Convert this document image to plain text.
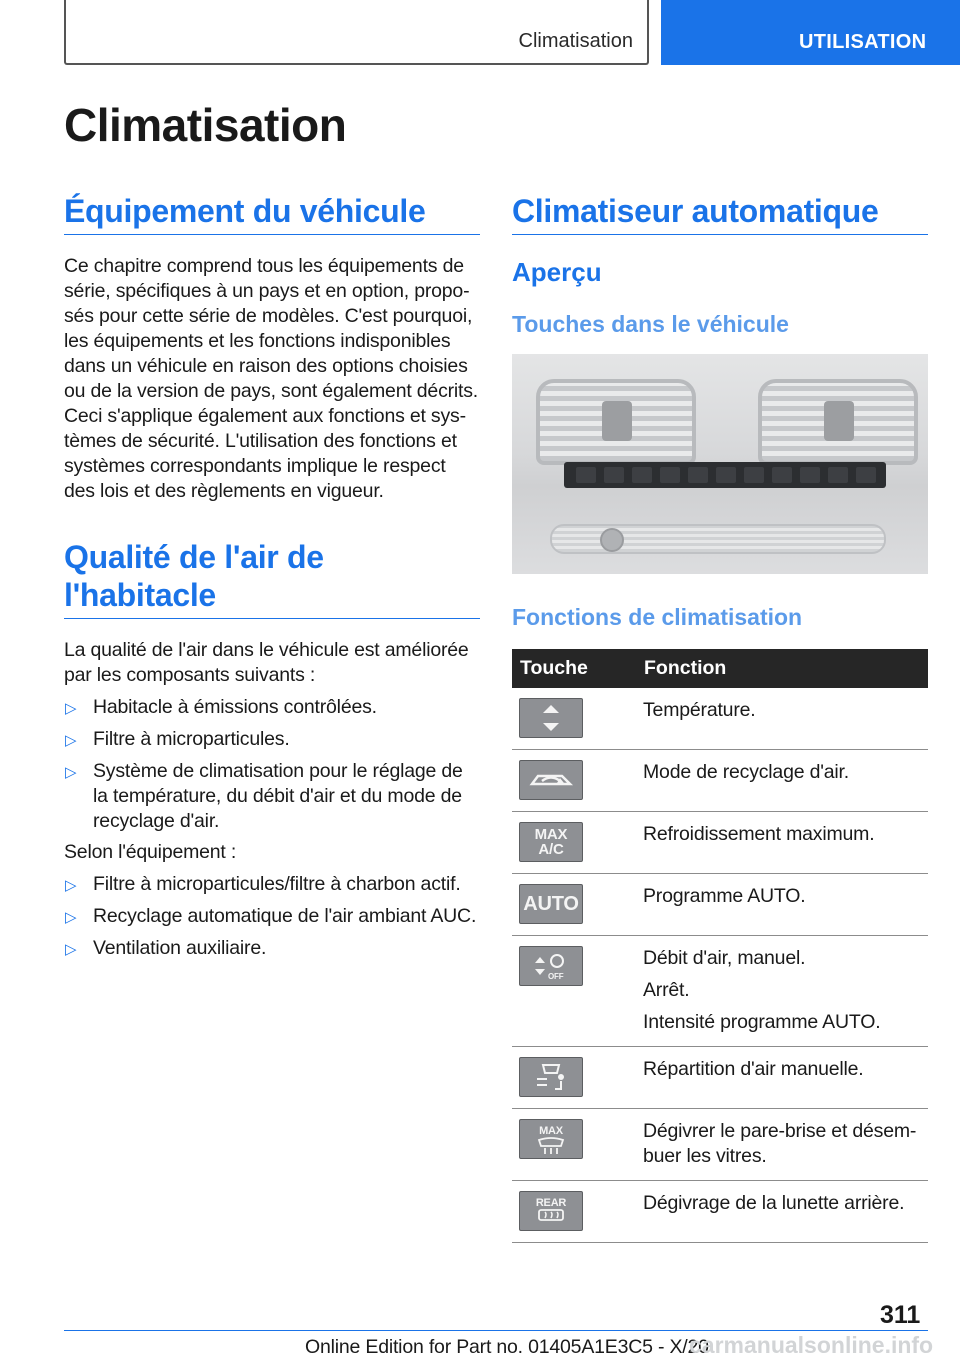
Climatisation	UTILISATION
Climatisation
Équipement du véhicule

Ce chapitre comprend tous les équipements de série, spécifiques à un pays et en option, proposés pour cette série de modèles. C'est pourquoi, les équipements et les fonctions indisponibles dans un véhicule en raison des options choisies ou de la version de pays, sont également décrits. Ceci s'applique également aux fonctions et systèmes de sécurité. L'utilisation des fonctions et systèmes correspondants implique le respect des lois et des règlements en vigueur.

Qualité de l'air de
l'habitacle

La qualité de l'air dans le véhicule est améliorée par les composants suivants :

▷ Habitacle à émissions contrôlées.
▷ Filtre à microparticules.
▷ Système de climatisation pour le réglage de la température, du débit d'air et du mode de recyclage d'air.

Selon l'équipement :

▷ Filtre à microparticules/filtre à charbon actif.
▷ Recyclage automatique de l'air ambiant AUC.
▷ Ventilation auxiliaire.
Climatiseur automatique
Aperçu
Touches dans le véhicule
Fonctions de climatisation
Touche	Fonction

Température.

Mode de recyclage d'air.

MAX
A/C	Refroidissement maximum.

AUTO	Programme AUTO.

OFF	Débit d'air, manuel.

Arrêt.

Intensité programme AUTO.

Répartition d'air manuelle.

MAX	Dégivrer le pare-brise et désembuer les vitres.

REAR	Dégivrage de la lunette arrière.

311
Online Edition for Part no. 01405A1E3C5 - X/20
carmanualsonline.info
